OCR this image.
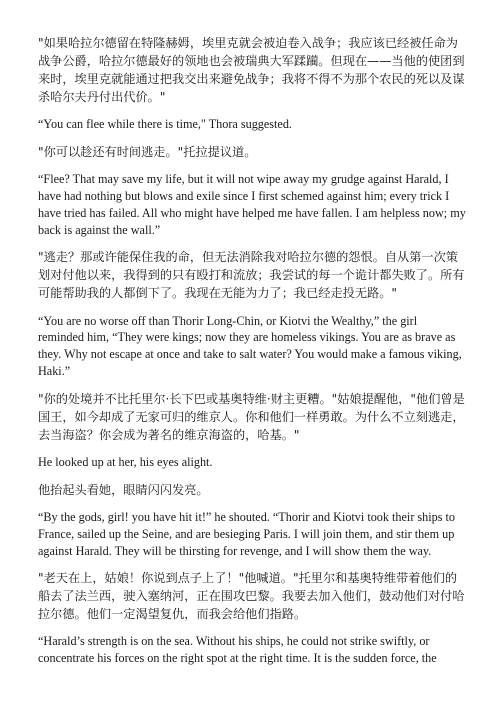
"如果哈拉尔德留在特隆赫姆，埃里克就会被迫卷入战争；我应该已经被任命为战争公爵，哈拉尔德最好的领地也会被瑞典大军蹂躏。但现在——当他的使团到来时，埃里克就能通过把我交出来避免战争；我将不得不为那个农民的死以及谋杀哈尔夫丹付出代价。"

“You can flee while there is time," Thora suggested.

"你可以趁还有时间逃走。"托拉提议道。

“Flee? That may save my life, but it will not wipe away my grudge against Harald, I have had nothing but blows and exile since I first schemed against him; every trick I have tried has failed. All who might have helped me have fallen. I am helpless now; my back is against the wall.”

"逃走？那或许能保住我的命，但无法消除我对哈拉尔德的怨恨。自从第一次策划对付他以来，我得到的只有殴打和流放；我尝试的每一个诡计都失败了。所有可能帮助我的人都倒下了。我现在无能为力了；我已经走投无路。"

“You are no worse off than Thorir Long-Chin, or Kiotvi the Wealthy,” the girl reminded him, “They were kings; now they are homeless vikings. You are as brave as they. Why not escape at once and take to salt water? You would make a famous viking, Haki.”

"你的处境并不比托里尔·长下巴或基奥特维·财主更糟。"姑娘提醒他，"他们曾是国王，如今却成了无家可归的维京人。你和他们一样勇敢。为什么不立刻逃走，去当海盗？你会成为著名的维京海盗的，哈基。"

He looked up at her, his eyes alight.

他抬起头看她，眼睛闪闪发亮。

“By the gods, girl! you have hit it!” he shouted. “Thorir and Kiotvi took their ships to France, sailed up the Seine, and are besieging Paris. I will join them, and stir them up against Harald. They will be thirsting for revenge, and I will show them the way.

"老天在上，姑娘！你说到点子上了！"他喊道。"托里尔和基奥特维带着他们的船去了法兰西，驶入塞纳河，正在围攻巴黎。我要去加入他们，鼓动他们对付哈拉尔德。他们一定渴望复仇，而我会给他们指路。

“Harald’s strength is on the sea. Without his ships, he could not strike swiftly, or concentrate his forces on the right spot at the right time. It is the sudden force, the
